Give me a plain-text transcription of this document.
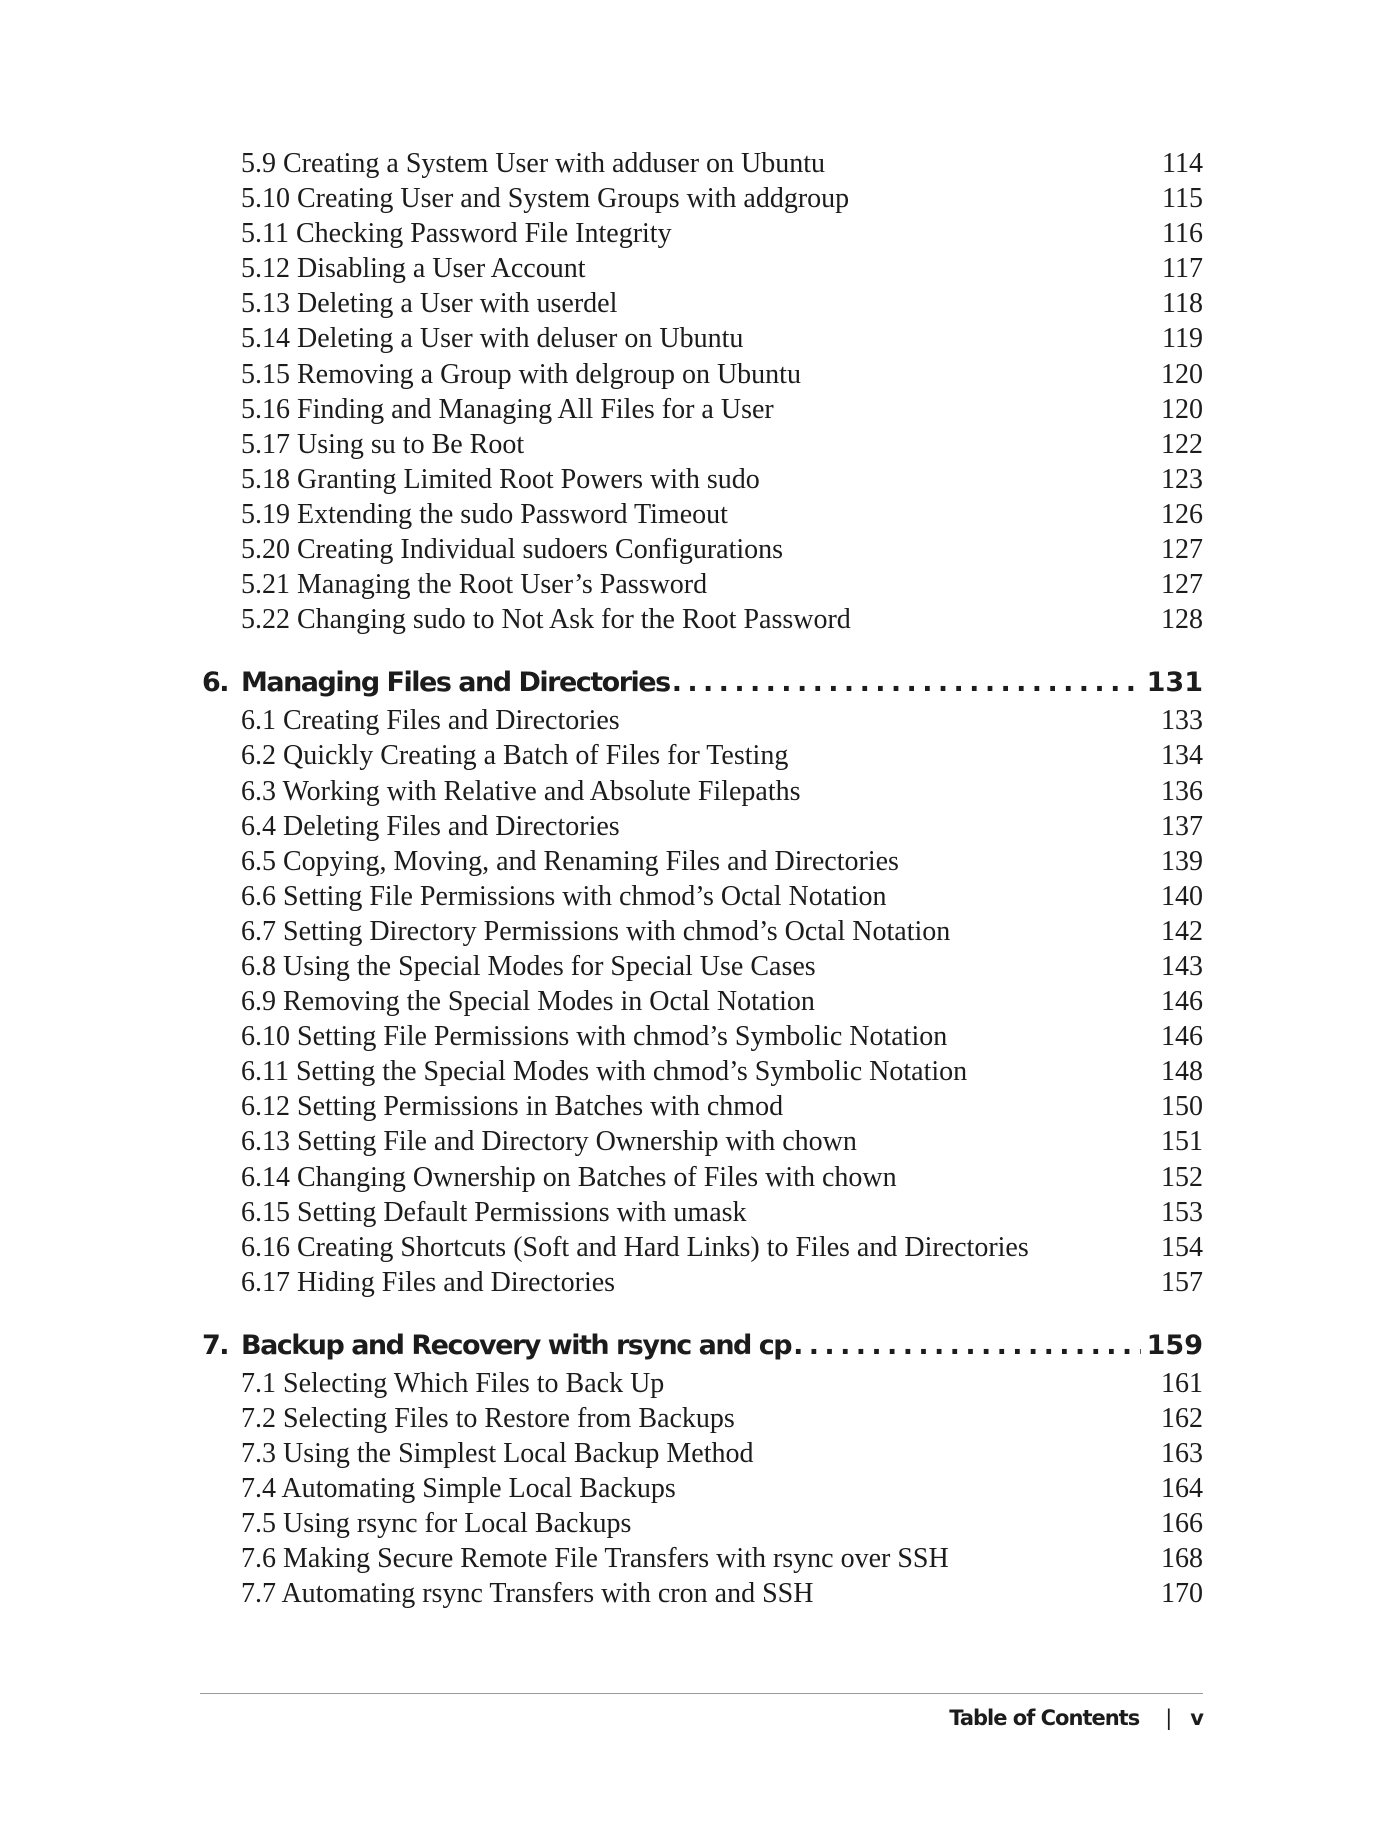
5.9 Creating a System User with adduser on Ubuntu	114
5.10 Creating User and System Groups with addgroup	115
5.11 Checking Password File Integrity	116
5.12 Disabling a User Account	117
5.13 Deleting a User with userdel	118
5.14 Deleting a User with deluser on Ubuntu	119
5.15 Removing a Group with delgroup on Ubuntu	120
5.16 Finding and Managing All Files for a User	120
5.17 Using su to Be Root	122
5.18 Granting Limited Root Powers with sudo	123
5.19 Extending the sudo Password Timeout	126
5.20 Creating Individual sudoers Configurations	127
5.21 Managing the Root User’s Password	127
5.22 Changing sudo to Not Ask for the Root Password	128
6. Managing Files and Directories . . .	131
6.1 Creating Files and Directories	133
6.2 Quickly Creating a Batch of Files for Testing	134
6.3 Working with Relative and Absolute Filepaths	136
6.4 Deleting Files and Directories	137
6.5 Copying, Moving, and Renaming Files and Directories	139
6.6 Setting File Permissions with chmod’s Octal Notation	140
6.7 Setting Directory Permissions with chmod’s Octal Notation	142
6.8 Using the Special Modes for Special Use Cases	143
6.9 Removing the Special Modes in Octal Notation	146
6.10 Setting File Permissions with chmod’s Symbolic Notation	146
6.11 Setting the Special Modes with chmod’s Symbolic Notation	148
6.12 Setting Permissions in Batches with chmod	150
6.13 Setting File and Directory Ownership with chown	151
6.14 Changing Ownership on Batches of Files with chown	152
6.15 Setting Default Permissions with umask	153
6.16 Creating Shortcuts (Soft and Hard Links) to Files and Directories	154
6.17 Hiding Files and Directories	157
7. Backup and Recovery with rsync and cp . . .	159
7.1 Selecting Which Files to Back Up	161
7.2 Selecting Files to Restore from Backups	162
7.3 Using the Simplest Local Backup Method	163
7.4 Automating Simple Local Backups	164
7.5 Using rsync for Local Backups	166
7.6 Making Secure Remote File Transfers with rsync over SSH	168
7.7 Automating rsync Transfers with cron and SSH	170
Table of Contents | v
